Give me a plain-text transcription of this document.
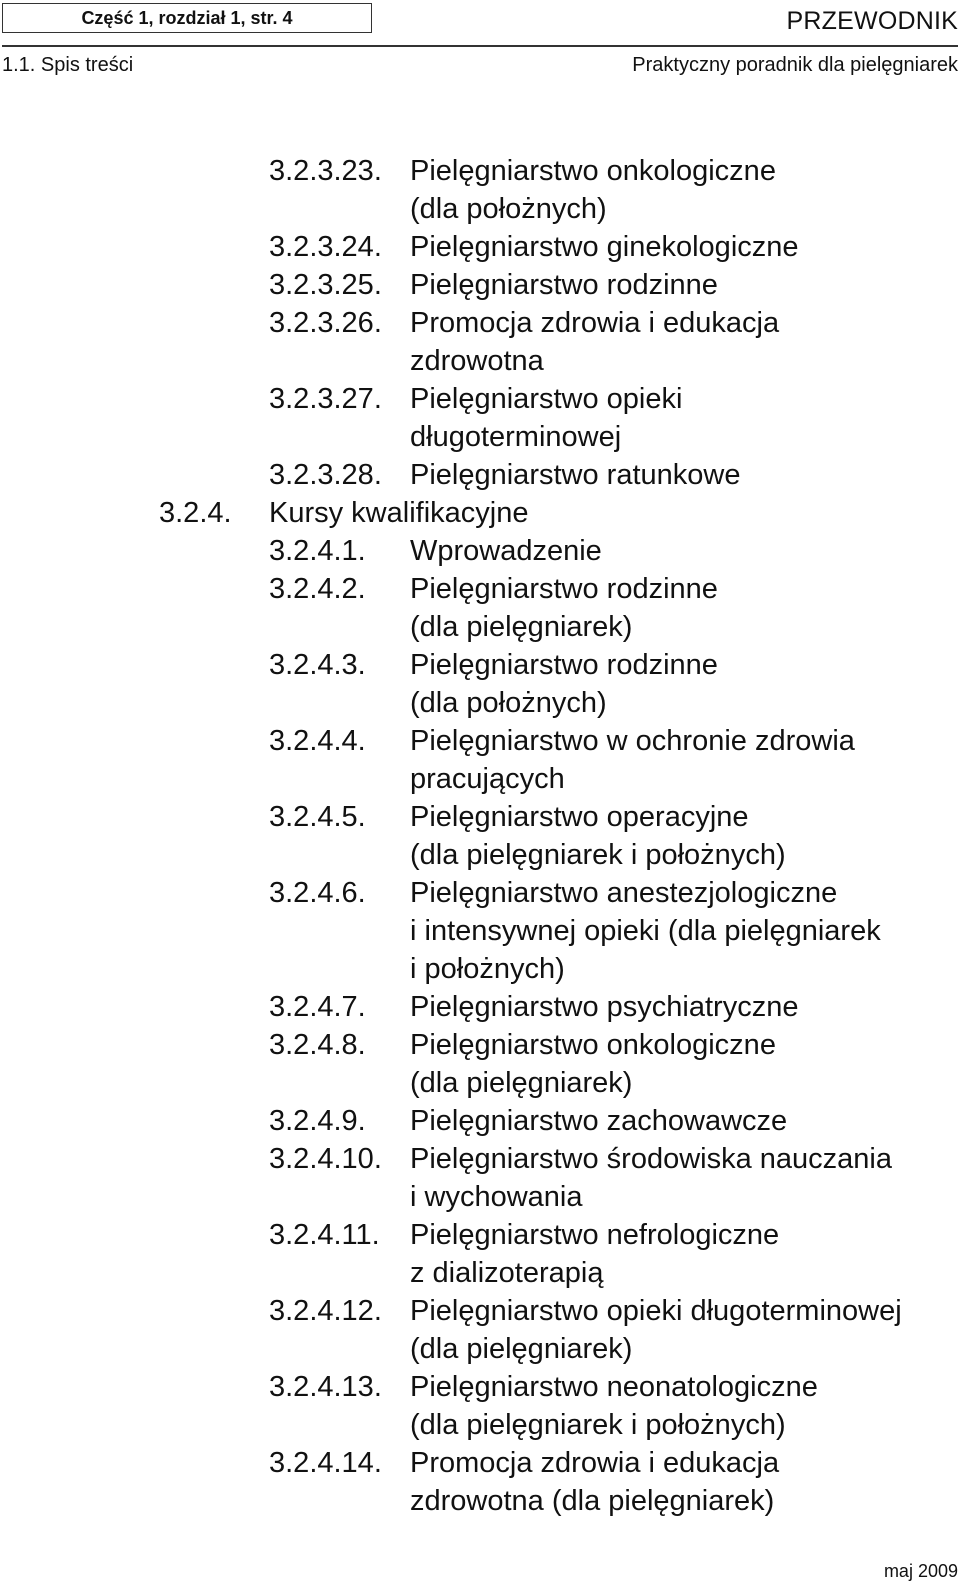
Część 1, rozdział 1, str. 4	PRZEWODNIK
1.1. Spis treści	Praktyczny poradnik dla pielęgniarek
3.2.3.23. Pielęgniarstwo onkologiczne
(dla położnych)
3.2.3.24. Pielęgniarstwo ginekologiczne
3.2.3.25. Pielęgniarstwo rodzinne
3.2.3.26. Promocja zdrowia i edukacja
zdrowotna
3.2.3.27. Pielęgniarstwo opieki
długoterminowej
3.2.3.28. Pielęgniarstwo ratunkowe
3.2.4. Kursy kwalifikacyjne
3.2.4.1. Wprowadzenie
3.2.4.2. Pielęgniarstwo rodzinne
(dla pielęgniarek)
3.2.4.3. Pielęgniarstwo rodzinne
(dla położnych)
3.2.4.4. Pielęgniarstwo w ochronie zdrowia
pracujących
3.2.4.5. Pielęgniarstwo operacyjne
(dla pielęgniarek i położnych)
3.2.4.6. Pielęgniarstwo anestezjologiczne
i intensywnej opieki (dla pielęgniarek
i położnych)
3.2.4.7. Pielęgniarstwo psychiatryczne
3.2.4.8. Pielęgniarstwo onkologiczne
(dla pielęgniarek)
3.2.4.9. Pielęgniarstwo zachowawcze
3.2.4.10. Pielęgniarstwo środowiska nauczania
i wychowania
3.2.4.11. Pielęgniarstwo nefrologiczne
z dializoterapią
3.2.4.12. Pielęgniarstwo opieki długoterminowej
(dla pielęgniarek)
3.2.4.13. Pielęgniarstwo neonatologiczne
(dla pielęgniarek i położnych)
3.2.4.14. Promocja zdrowia i edukacja
zdrowotna (dla pielęgniarek)
maj 2009
